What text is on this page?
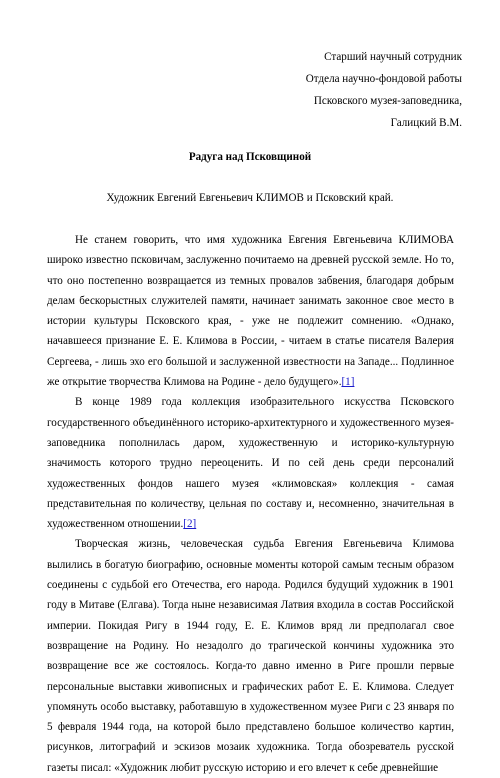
Старший научный сотрудник
Отдела научно-фондовой работы
Псковского музея-заповедника,
Галицкий В.М.
Радуга над Псковщиной
Художник Евгений Евгеньевич КЛИМОВ и Псковский край.

Не станем говорить, что имя художника Евгения Евгеньевича КЛИМОВА широко известно псковичам, заслуженно почитаемо на древней русской земле. Но то, что оно постепенно возвращается из темных провалов забвения, благодаря добрым делам бескорыстных служителей памяти, начинает занимать законное свое место в истории культуры Псковского края, - уже не подлежит сомнению. «Однако, начавшееся признание Е. Е. Климова в России, - читаем в статье писателя Валерия Сергеева, - лишь эхо его большой и заслуженной известности на Западе... Подлинное же открытие творчества Климова на Родине - дело будущего».[1]

В конце 1989 года коллекция изобразительного искусства Псковского государственного объединённого историко-архитектурного и художественного музея-заповедника пополнилась даром, художественную и историко-культурную значимость которого трудно переоценить. И по сей день среди персоналий художественных фондов нашего музея «климовская» коллекция - самая представительная по количеству, цельная по составу и, несомненно, значительная в художественном отношении.[2]

Творческая жизнь, человеческая судьба Евгения Евгеньевича Климова вылились в богатую биографию, основные моменты которой самым тесным образом соединены с судьбой его Отечества, его народа. Родился будущий художник в 1901 году в Митаве (Елгава). Тогда ныне независимая Латвия входила в состав Российской империи. Покидая Ригу в 1944 году, Е. Е. Климов вряд ли предполагал свое возвращение на Родину. Но незадолго до трагической кончины художника это возвращение все же состоялось. Когда-то давно именно в Риге прошли первые персональные выставки живописных и графических работ Е. Е. Климова. Следует упомянуть особо выставку, работавшую в художественном музее Риги с 23 января по 5 февраля 1944 года, на которой было представлено большое количество картин, рисунков, литографий и эскизов мозаик художника. Тогда обозреватель русской газеты писал: «Художник любит русскую историю и его влечет к себе древнейшие
